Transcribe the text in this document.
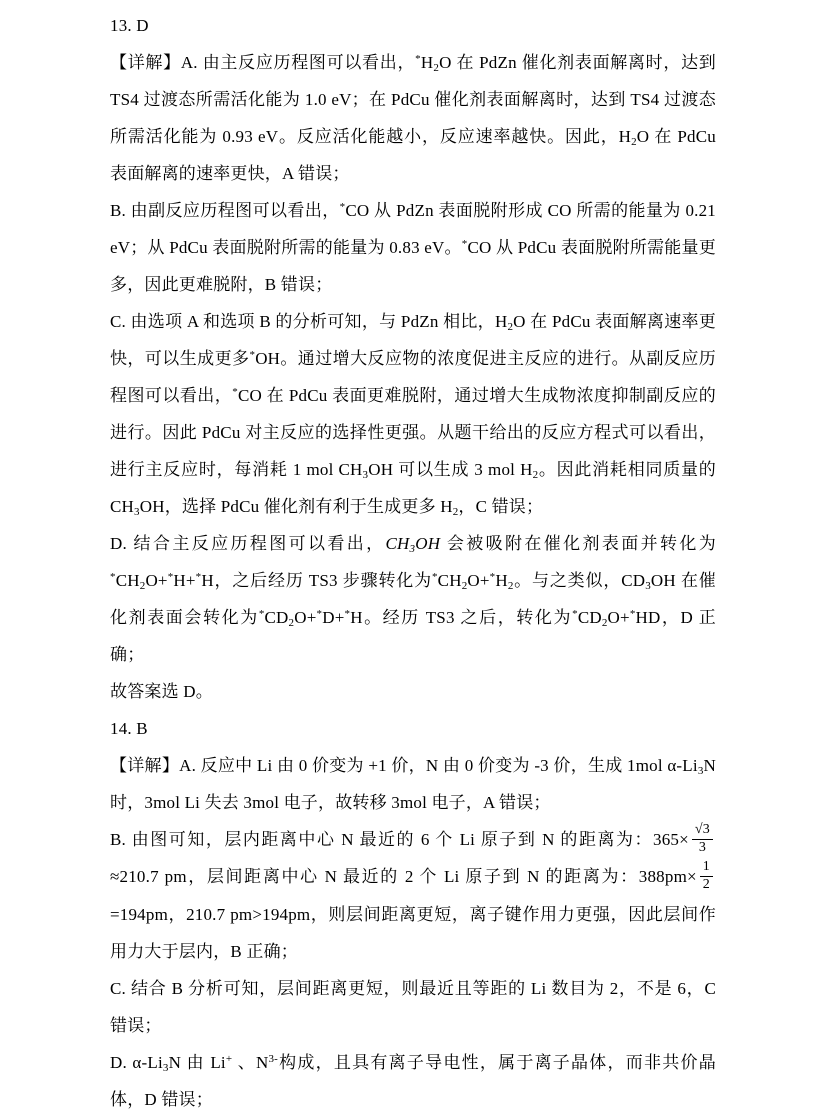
13. D

【详解】A. 由主反应历程图可以看出，$^*H_2O$ 在 PdZn 催化剂表面解离时，达到 TS4 过渡态所需活化能为 1.0 eV；在 PdCu 催化剂表面解离时，达到 TS4 过渡态所需活化能为 0.93 eV。反应活化能越小，反应速率越快。因此，$H_2O$ 在 PdCu 表面解离的速率更快，A 错误；

B. 由副反应历程图可以看出，*CO 从 PdZn 表面脱附形成 CO 所需的能量为 0.21 eV；从 PdCu 表面脱附所需的能量为 0.83 eV。*CO 从 PdCu 表面脱附所需能量更多，因此更难脱附，B 错误；

C. 由选项 A 和选项 B 的分析可知，与 PdZn 相比，$H_2O$ 在 PdCu 表面解离速率更快，可以生成更多*OH。通过增大反应物的浓度促进主反应的进行。从副反应历程图可以看出，*CO 在 PdCu 表面更难脱附，通过增大生成物浓度抑制副反应的进行。因此 PdCu 对主反应的选择性更强。从题干给出的反应方程式可以看出，进行主反应时，每消耗 1 mol $CH_3OH$ 可以生成 3 mol $H_2$。因此消耗相同质量的$CH_3OH$，选择 PdCu 催化剂有利于生成更多 $H_2$，C 错误；

D. 结合主反应历程图可以看出，$CH_3OH$ 会被吸附在催化剂表面并转化为$^*CH_2O+^*H+^*H$，之后经历 TS3 步骤转化为$^*CH_2O+^*H_2$。与之类似，$CD_3OH$ 在催化剂表面会转化为$^*CD_2O+^*D+^*H$。经历 TS3 之后，转化为$^*CD_2O+^*HD$，D 正确；

故答案选 D。

14. B

【详解】A. 反应中 Li 由 0 价变为 +1 价，N 由 0 价变为 -3 价，生成 1mol $\alpha-Li_3N$时，3mol Li 失去 3mol 电子，故转移 3mol 电子，A 错误；

B. 由图可知，层内距离中心 N 最近的 6 个 Li 原子到 N 的距离为：$365\times \frac{√3}{3}$
≈210.7 pm，层间距离中心 N 最近的 2 个 Li 原子到 N 的距离为：$388pm\times \frac{1}{2}$
=194pm，210.7 pm>194pm，则层间距离更短，离子键作用力更强，因此层间作用力大于层内，B 正确；

C. 结合 B 分析可知，层间距离更短，则最近且等距的 Li 数目为 2，不是 6，C 错误；

D. $\alpha-Li_3N$ 由 Li+ 、$N^{3-}$构成，且具有离子导电性，属于离子晶体，而非共价晶体，D 错误；
